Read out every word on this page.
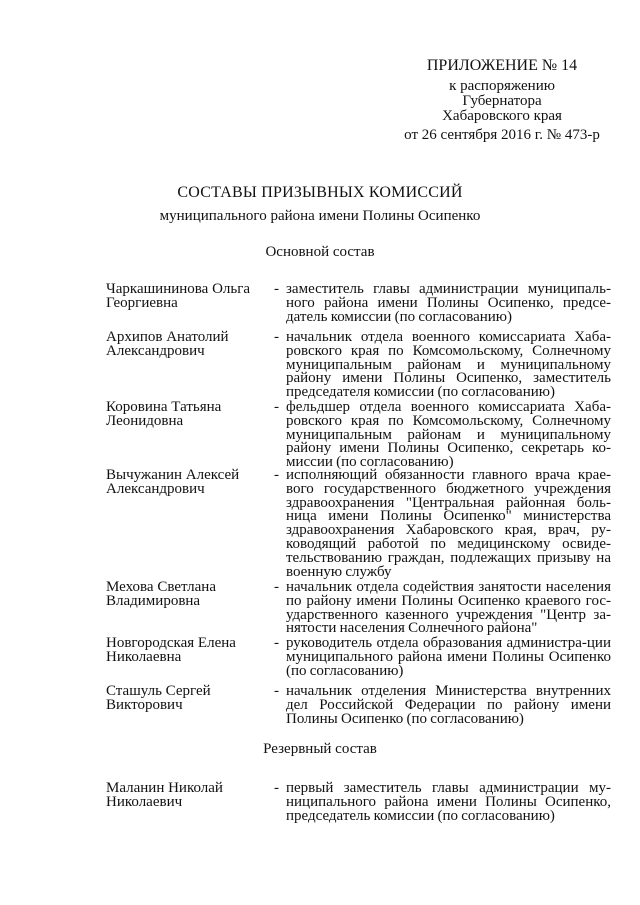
ПРИЛОЖЕНИЕ № 14
к распоряжению
Губернатора
Хабаровского края
от 26 сентября 2016 г. № 473-р
СОСТАВЫ ПРИЗЫВНЫХ КОМИССИЙ
муниципального района имени Полины Осипенко
Основной состав
Чаркашининова Ольга Георгиевна
- заместитель главы администрации муниципаль-ного района имени Полины Осипенко, предсе-датель комиссии (по согласованию)
Архипов Анатолий Александрович
- начальник отдела военного комиссариата Хаба-ровского края по Комсомольскому, Солнечному муниципальным районам и муниципальному району имени Полины Осипенко, заместитель председателя комиссии (по согласованию)
Коровина Татьяна Леонидовна
- фельдшер отдела военного комиссариата Хаба-ровского края по Комсомольскому, Солнечному муниципальным районам и муниципальному району имени Полины Осипенко, секретарь ко-миссии (по согласованию)
Вычужанин Алексей Александрович
- исполняющий обязанности главного врача краe-вого государственного бюджетного учреждения здравоохранения "Центральная районная боль-ница имени Полины Осипенко" министерства здравоохранения Хабаровского края, врач, ру-ководящий работой по медицинскому освиде-тельствованию граждан, подлежащих призыву на военную службу
Мехова Светлана Владимировна
- начальник отдела содействия занятости населения по району имени Полины Осипенко краевого гос-ударственного казенного учреждения "Центр за-нятости населения Солнечного района"
Новгородская Елена Николаевна
- руководитель отдела образования администра-ции муниципального района имени Полины Осипенко (по согласованию)
Сташуль Сергей Викторович
- начальник отделения Министерства внутренних дел Российской Федерации по району имени Полины Осипенко (по согласованию)
Резервный состав
Маланин Николай Николаевич
- первый заместитель главы администрации му-ниципального района имени Полины Осипенко, председатель комиссии (по согласованию)
